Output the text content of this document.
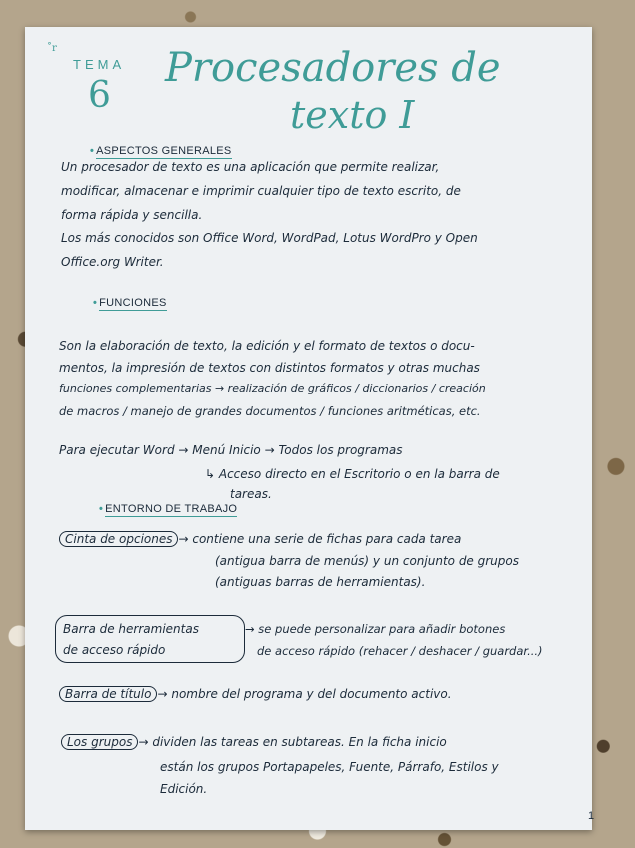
˚r
TEMA
6
Procesadores de
texto I
• ASPECTOS GENERALES
Un procesador de texto es una aplicación que permite realizar,
modificar, almacenar e imprimir cualquier tipo de texto escrito, de
forma rápida y sencilla.
Los más conocidos son Office Word, WordPad, Lotus WordPro y Open
Office.org Writer.
• FUNCIONES
Son la elaboración de texto, la edición y el formato de textos o docu-
mentos, la impresión de textos con distintos formatos y otras muchas
funciones complementarias → realización de gráficos / diccionarios / creación
de macros / manejo de grandes documentos / funciones aritméticas, etc.
Para ejecutar Word → Menú Inicio → Todos los programas
↳ Acceso directo en el Escritorio o en la barra de
tareas.
• ENTORNO DE TRABAJO
Cinta de opciones → contiene una serie de fichas para cada tarea
(antigua barra de menús) y un conjunto de grupos
(antiguas barras de herramientas).
Barra de herramientas
de acceso rápido
→ se puede personalizar para añadir botones
de acceso rápido (rehacer / deshacer / guardar...)
Barra de título → nombre del programa y del documento activo.
Los grupos → dividen las tareas en subtareas. En la ficha inicio
están los grupos Portapapeles, Fuente, Párrafo, Estilos y
Edición.
1
